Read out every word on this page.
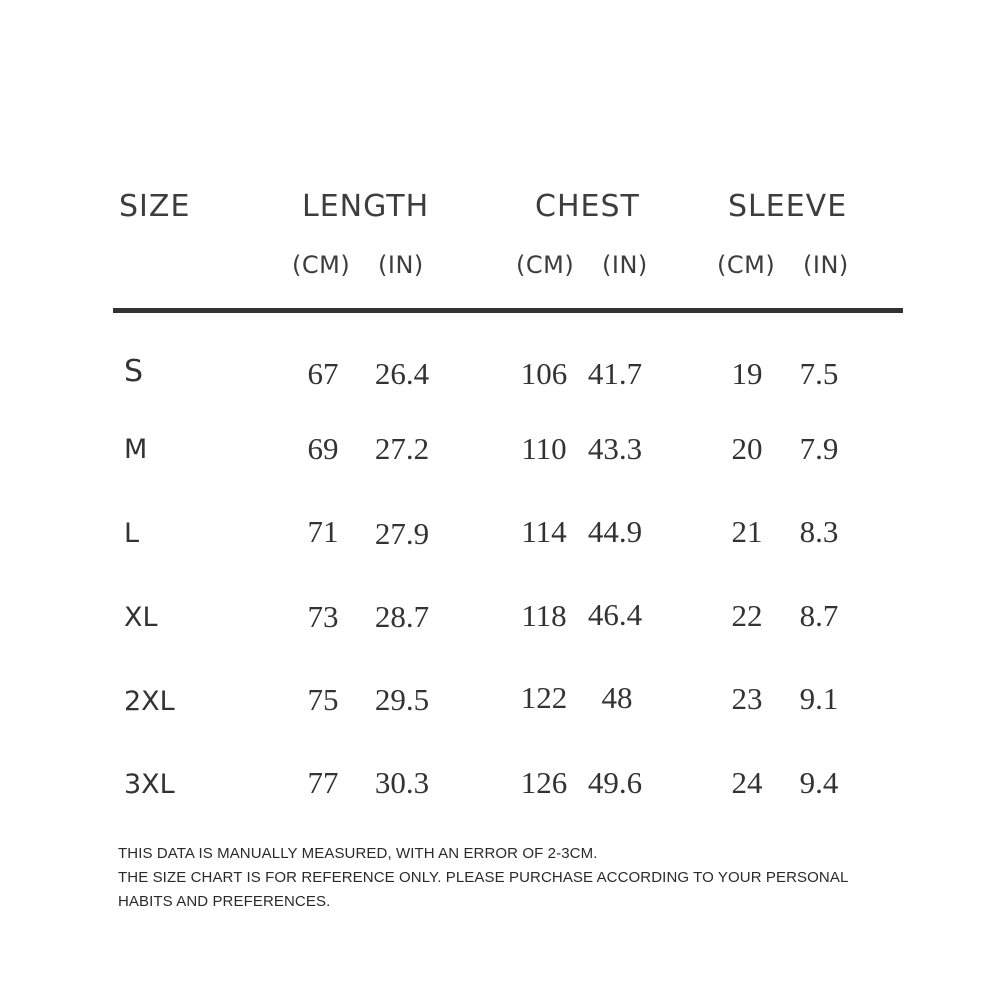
SIZE	LENGTH	CHEST	SLEEVE
(CM) (IN)	(CM) (IN)	(CM) (IN)
S	67	26.4	106 41.7	19	7.5
M	69	27.2	110 43.3	20	7.9
L	71	27.9	114 44.9	21	8.3
XL	73	28.7	118 46.4	22	8.7
2XL	75	29.5	122	48	23	9.1
3XL	77	30.3	126 49.6	24	9.4
THIS DATA IS MANUALLY MEASURED, WITH AN ERROR OF 2-3CM.
THE SIZE CHART IS FOR REFERENCE ONLY. PLEASE PURCHASE ACCORDING TO YOUR PERSONAL
HABITS AND PREFERENCES.
